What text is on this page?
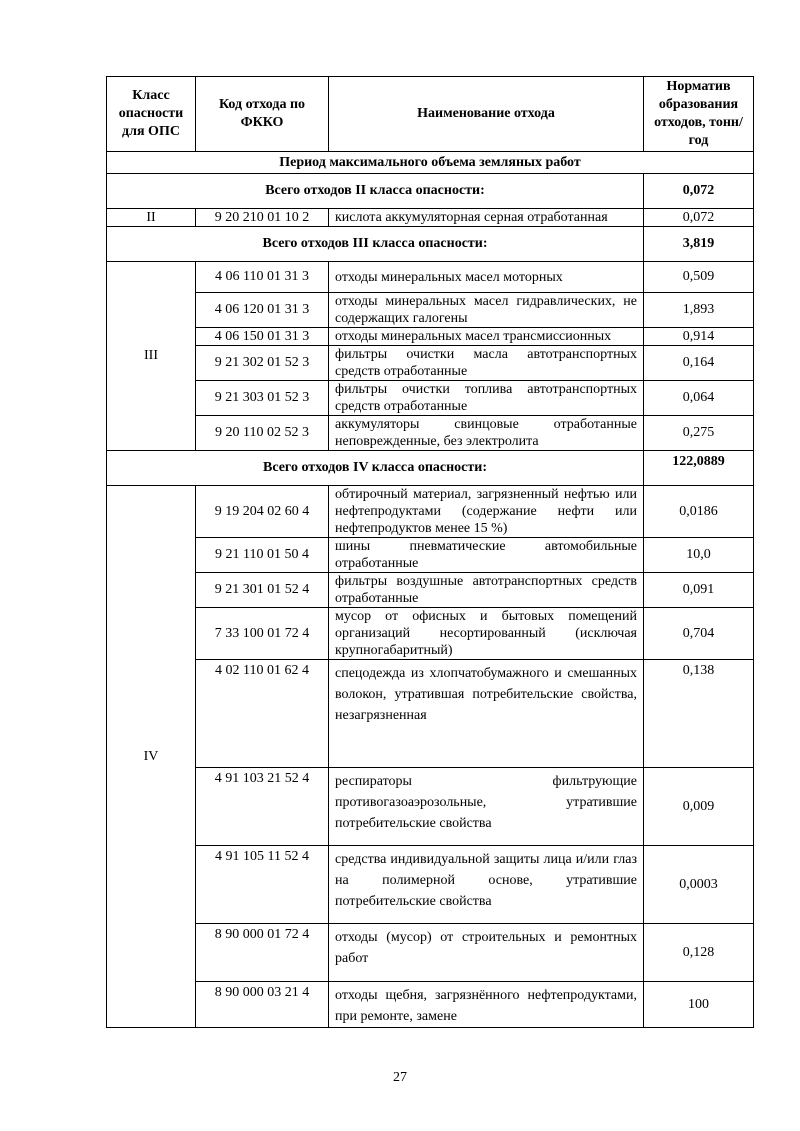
Класс опасности для ОПС	Код отхода по ФККО	Наименование отхода	Норматив образования отходов, тонн/год
Период максимального объема земляных работ			
Всего отходов II класса опасности:			0,072
II	9 20 210 01 10 2	кислота аккумуляторная серная отработанная	0,072
Всего отходов III класса опасности:			3,819
III	4 06 110 01 31 3	отходы минеральных масел моторных	0,509
	4 06 120 01 31 3	отходы минеральных масел гидравлических, не содержащих галогены	1,893
	4 06 150 01 31 3	отходы минеральных масел трансмиссионных	0,914
	9 21 302 01 52 3	фильтры очистки масла автотранспортных средств отработанные	0,164
	9 21 303 01 52 3	фильтры очистки топлива автотранспортных средств отработанные	0,064
	9 20 110 02 52 3	аккумуляторы свинцовые отработанные неповрежденные, без электролита	0,275
Всего отходов IV класса опасности:			122,0889
IV	9 19 204 02 60 4	обтирочный материал, загрязненный нефтью или нефтепродуктами (содержание нефти или нефтепродуктов менее 15 %)	0,0186
	9 21 110 01 50 4	шины пневматические автомобильные отработанные	10,0
	9 21 301 01 52 4	фильтры воздушные автотранспортных средств отработанные	0,091
	7 33 100 01 72 4	мусор от офисных и бытовых помещений организаций несортированный (исключая крупногабаритный)	0,704
	4 02 110 01 62 4	спецодежда из хлопчатобумажного и смешанных волокон, утратившая потребительские свойства, незагрязненная	0,138
	4 91 103 21 52 4	респираторы фильтрующие противогазоаэрозольные, утратившие потребительские свойства	0,009
	4 91 105 11 52 4	средства индивидуальной защиты лица и/или глаз на полимерной основе, утратившие потребительские свойства	0,0003
	8 90 000 01 72 4	отходы (мусор) от строительных и ремонтных работ	0,128
	8 90 000 03 21 4	отходы щебня, загрязнённого нефтепродуктами, при ремонте, замене	100
27
